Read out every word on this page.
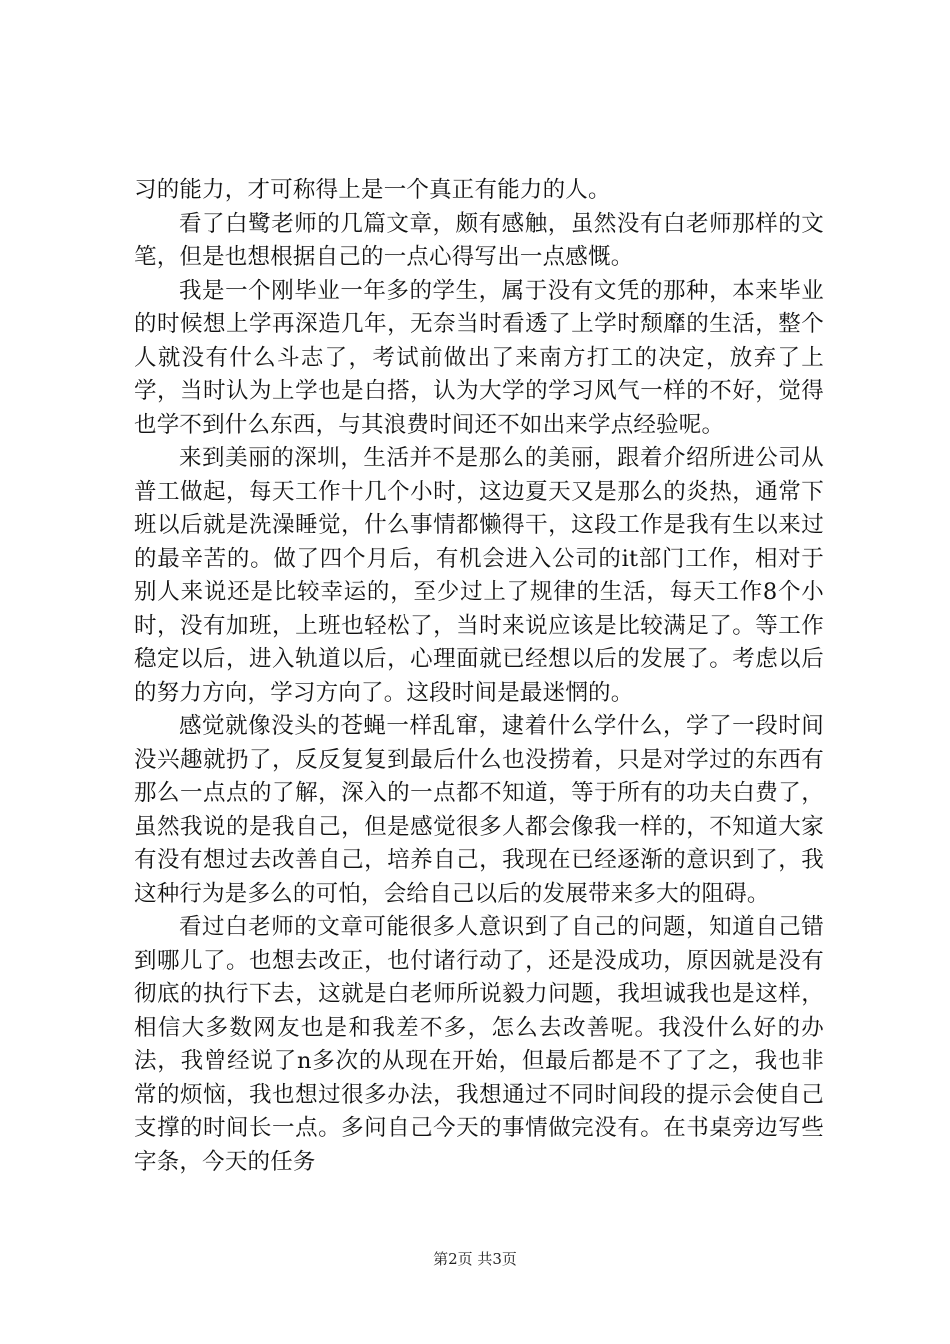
习的能力，才可称得上是一个真正有能力的人。

看了白鹭老师的几篇文章，颇有感触，虽然没有白老师那样的文笔，但是也想根据自己的一点心得写出一点感慨。

我是一个刚毕业一年多的学生，属于没有文凭的那种，本来毕业的时候想上学再深造几年，无奈当时看透了上学时颓靡的生活，整个人就没有什么斗志了，考试前做出了来南方打工的决定，放弃了上学，当时认为上学也是白搭，认为大学的学习风气一样的不好，觉得也学不到什么东西，与其浪费时间还不如出来学点经验呢。

来到美丽的深圳，生活并不是那么的美丽，跟着介绍所进公司从普工做起，每天工作十几个小时，这边夏天又是那么的炎热，通常下班以后就是洗澡睡觉，什么事情都懒得干，这段工作是我有生以来过的最辛苦的。做了四个月后，有机会进入公司的it部门工作，相对于别人来说还是比较幸运的，至少过上了规律的生活，每天工作8个小时，没有加班，上班也轻松了，当时来说应该是比较满足了。等工作稳定以后，进入轨道以后，心理面就已经想以后的发展了。考虑以后的努力方向，学习方向了。这段时间是最迷惘的。

感觉就像没头的苍蝇一样乱窜，逮着什么学什么，学了一段时间没兴趣就扔了，反反复复到最后什么也没捞着，只是对学过的东西有那么一点点的了解，深入的一点都不知道，等于所有的功夫白费了，虽然我说的是我自己，但是感觉很多人都会像我一样的，不知道大家有没有想过去改善自己，培养自己，我现在已经逐渐的意识到了，我这种行为是多么的可怕，会给自己以后的发展带来多大的阻碍。

看过白老师的文章可能很多人意识到了自己的问题，知道自己错到哪儿了。也想去改正，也付诸行动了，还是没成功，原因就是没有彻底的执行下去，这就是白老师所说毅力问题，我坦诚我也是这样，相信大多数网友也是和我差不多，怎么去改善呢。我没什么好的办法，我曾经说了n多次的从现在开始，但最后都是不了了之，我也非常的烦恼，我也想过很多办法，我想通过不同时间段的提示会使自己支撑的时间长一点。多问自己今天的事情做完没有。在书桌旁边写些字条，今天的任务

第2页 共3页
